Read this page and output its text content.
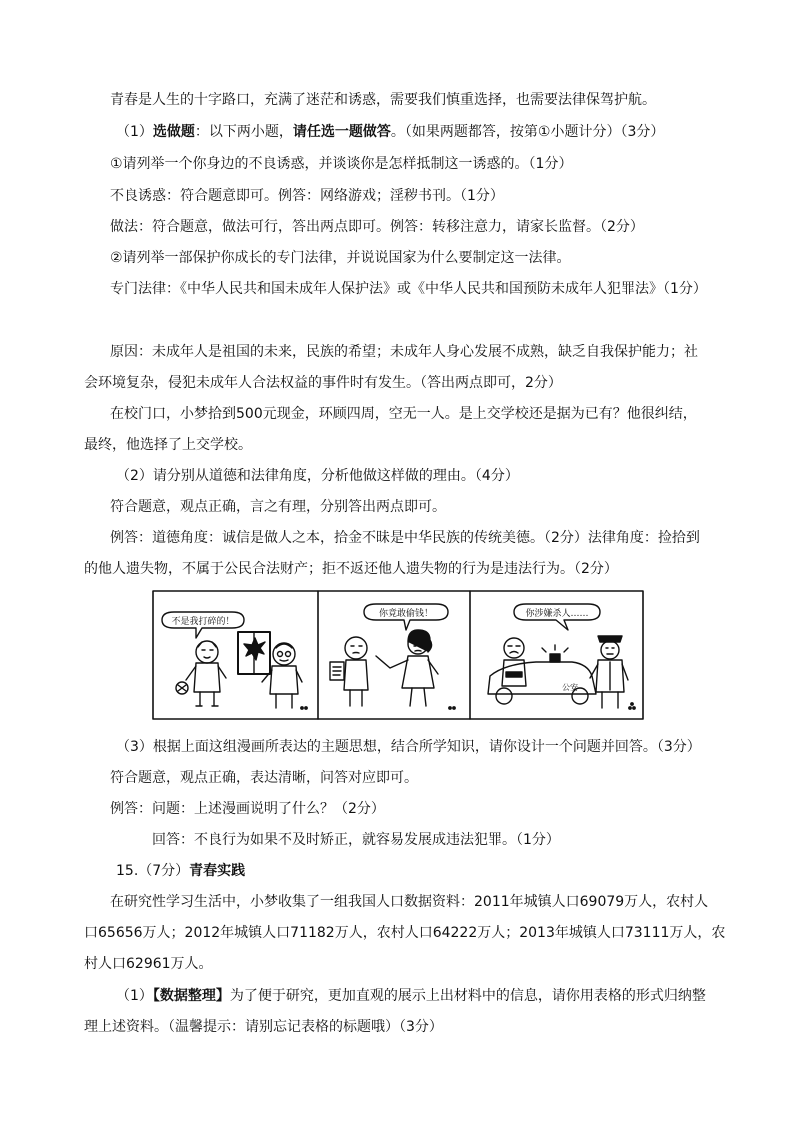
青春是人生的十字路口，充满了迷茫和诱惑，需要我们慎重选择，也需要法律保驾护航。
（1）选做题：以下两小题，请任选一题做答。（如果两题都答，按第①小题计分）（3分）
①请列举一个你身边的不良诱惑，并谈谈你是怎样抵制这一诱惑的。（1分）
不良诱惑：符合题意即可。例答：网络游戏；淫秽书刊。（1分）
做法：符合题意，做法可行，答出两点即可。例答：转移注意力，请家长监督。（2分）
②请列举一部保护你成长的专门法律，并说说国家为什么要制定这一法律。
专门法律：《中华人民共和国未成年人保护法》或《中华人民共和国预防未成年人犯罪法》（1分）
原因：未成年人是祖国的未来，民族的希望；未成年人身心发展不成熟，缺乏自我保护能力；社
会环境复杂，侵犯未成年人合法权益的事件时有发生。（答出两点即可，2分）
在校门口，小梦拾到500元现金，环顾四周，空无一人。是上交学校还是据为已有？他很纠结，
最终，他选择了上交学校。
（2）请分别从道德和法律角度，分析他做这样做的理由。（4分）
符合题意，观点正确，言之有理，分别答出两点即可。
例答：道德角度：诚信是做人之本，拾金不昧是中华民族的传统美德。（2分）法律角度：捡拾到
的他人遗失物，不属于公民合法财产；拒不返还他人遗失物的行为是违法行为。（2分）
不是我打碎的！
你竟敢偷钱！	你涉嫌杀人……
公安
（3）根据上面这组漫画所表达的主题思想，结合所学知识，请你设计一个问题并回答。（3分）
符合题意，观点正确，表达清晰，问答对应即可。
例答：问题：上述漫画说明了什么？（2分）
回答：不良行为如果不及时矫正，就容易发展成违法犯罪。（1分）
15.（7分）青春实践
在研究性学习生活中，小梦收集了一组我国人口数据资料：2011年城镇人口69079万人，农村人
口65656万人；2012年城镇人口71182万人，农村人口64222万人；2013年城镇人口73111万人，农
村人口62961万人。
（1）【数据整理】为了便于研究，更加直观的展示上出材料中的信息，请你用表格的形式归纳整
理上述资料。（温馨提示：请别忘记表格的标题哦）（3分）
